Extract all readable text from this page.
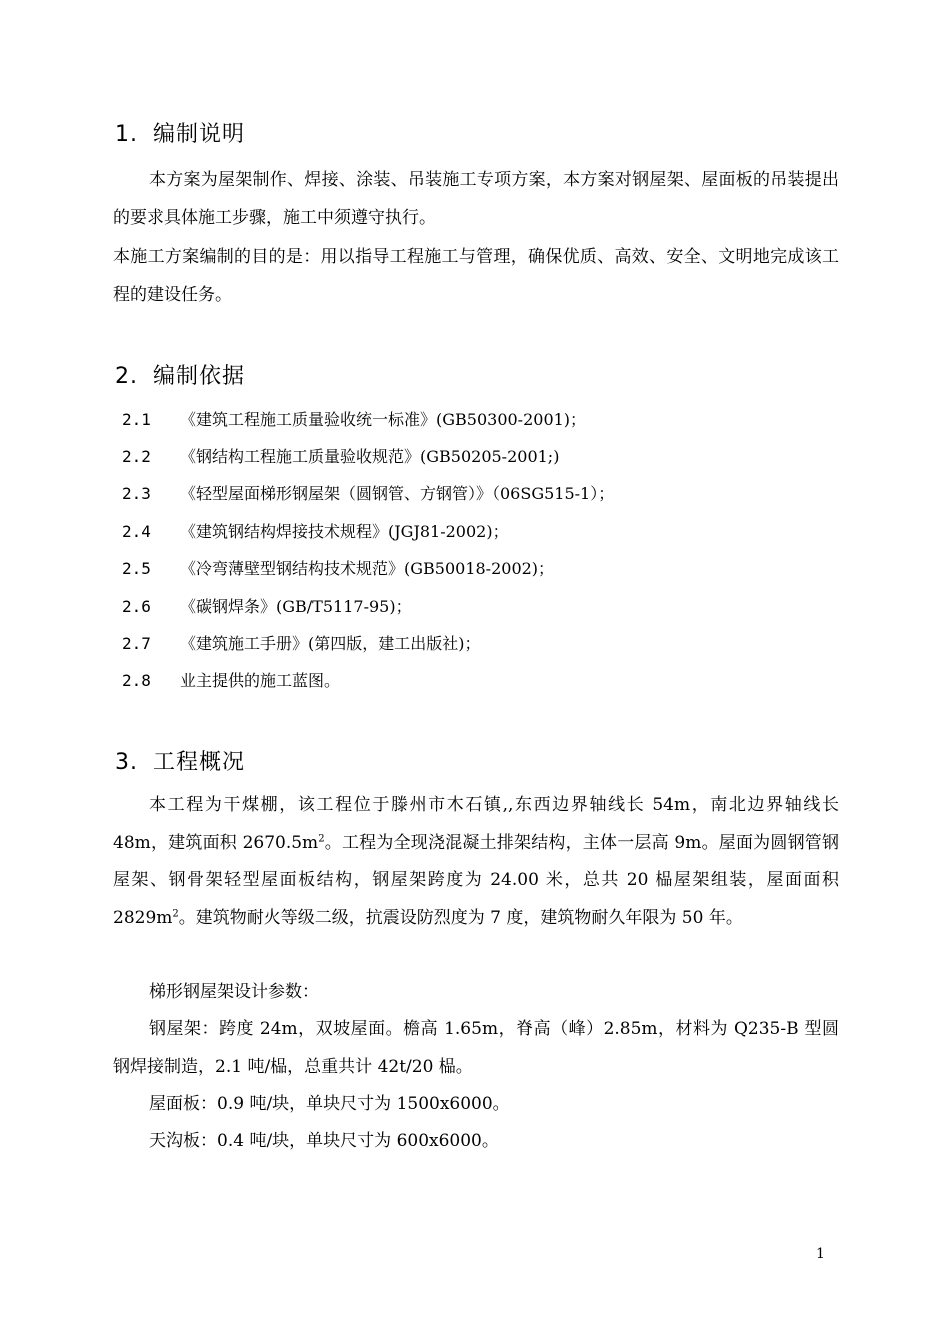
1. 编制说明
本方案为屋架制作、焊接、涂装、吊装施工专项方案，本方案对钢屋架、屋面板的吊装提出的要求具体施工步骤，施工中须遵守执行。
本施工方案编制的目的是：用以指导工程施工与管理，确保优质、高效、安全、文明地完成该工程的建设任务。
2. 编制依据
2.1 《建筑工程施工质量验收统一标准》(GB50300-2001)；
2.2 《钢结构工程施工质量验收规范》(GB50205-2001;)
2.3 《轻型屋面梯形钢屋架（圆钢管、方钢管）》（06SG515-1）；
2.4 《建筑钢结构焊接技术规程》(JGJ81-2002)；
2.5 《冷弯薄壁型钢结构技术规范》(GB50018-2002)；
2.6 《碳钢焊条》(GB/T5117-95)；
2.7 《建筑施工手册》(第四版，建工出版社)；
2.8 业主提供的施工蓝图。
3. 工程概况
本工程为干煤棚，该工程位于滕州市木石镇,,东西边界轴线长 54m，南北边界轴线长 48m，建筑面积 $2670.5m^2$。工程为全现浇混凝土排架结构，主体一层高 9m。屋面为圆钢管钢屋架、钢骨架轻型屋面板结构，钢屋架跨度为 24.00 米，总共 20 榀屋架组装，屋面面积 $2829m^2$。建筑物耐火等级二级，抗震设防烈度为 7 度，建筑物耐久年限为 50 年。
梯形钢屋架设计参数：
钢屋架：跨度 24m，双坡屋面。檐高 1.65m，脊高（峰）2.85m，材料为 Q235-B 型圆钢焊接制造，2.1 吨/榀，总重共计 42t/20 榀。
屋面板：0.9 吨/块，单块尺寸为 1500x6000。
天沟板：0.4 吨/块，单块尺寸为 600x6000。
1
